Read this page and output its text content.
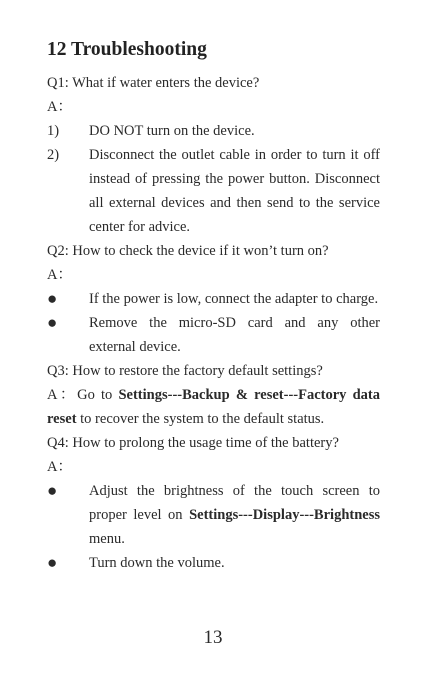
12 Troubleshooting

Q1: What if water enters the device?

A：

1)	DO NOT turn on the device.
2)	Disconnect the outlet cable in order to turn it off instead of pressing the power button. Disconnect all external devices and then send to the service center for advice.

Q2: How to check the device if it won’t turn on?

A：

●	If the power is low, connect the adapter to charge.
●	Remove the micro-SD card and any other external device.

Q3: How to restore the factory default settings?

A：Go to Settings---Backup & reset---Factory data reset to recover the system to the default status.

Q4: How to prolong the usage time of the battery?

A：

●	Adjust the brightness of the touch screen to proper level on Settings---Display---Brightness menu.
●	Turn down the volume.
13
